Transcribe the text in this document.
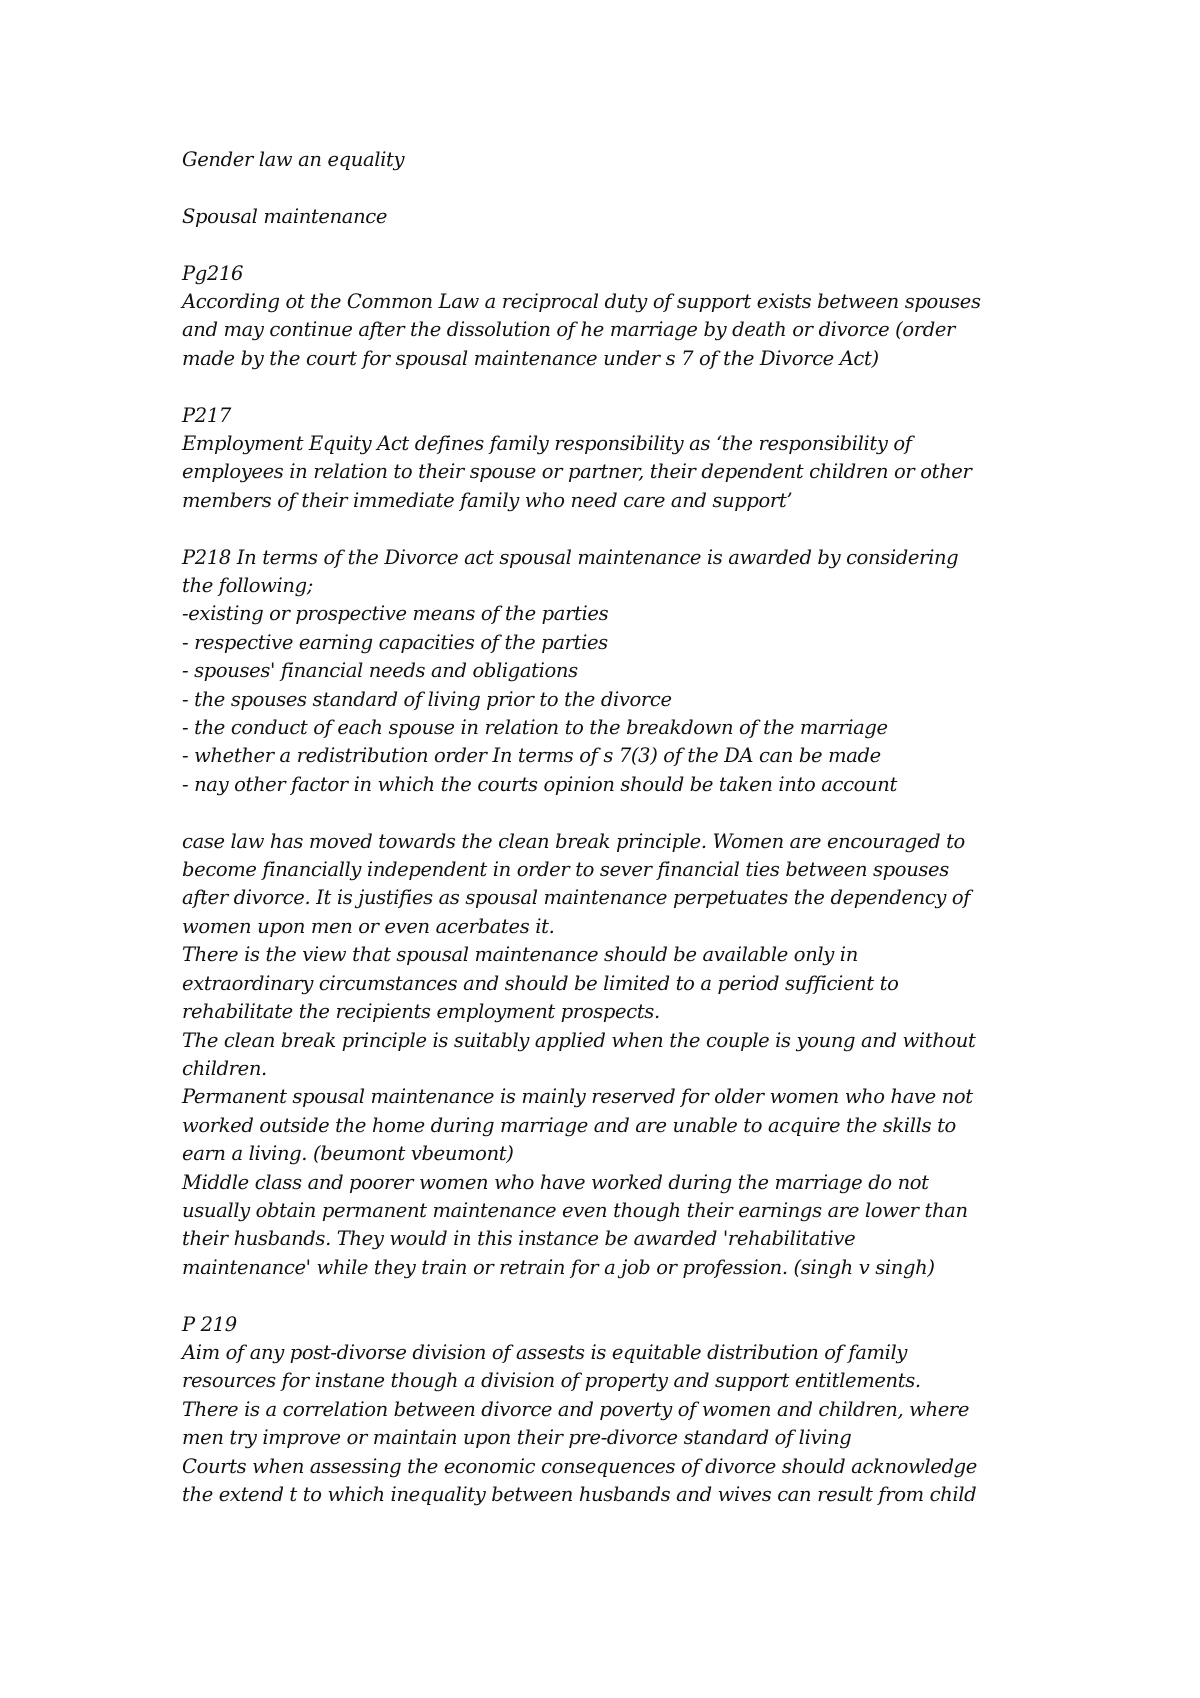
Gender law an equality
Spousal maintenance
Pg216
According ot the Common Law a reciprocal duty of support exists between spouses
and may continue after the dissolution of he marriage by death or divorce (order
made by the court for spousal maintenance under s 7 of the Divorce Act)
P217
Employment Equity Act defines family responsibility as ‘the responsibility of
employees in relation to their spouse or partner, their dependent children or other
members of their immediate family who need care and support’
P218 In terms of the Divorce act spousal maintenance is awarded by considering
the following;
-existing or prospective means of the parties
- respective earning capacities of the parties
- spouses' financial needs and obligations
- the spouses standard of living prior to the divorce
- the conduct of each spouse in relation to the breakdown of the marriage
- whether a redistribution order In terms of s 7(3) of the DA can be made
- nay other factor in which the courts opinion should be taken into account
case law has moved towards the clean break principle. Women are encouraged to
become financially independent in order to sever financial ties between spouses
after divorce. It is justifies as spousal maintenance perpetuates the dependency of
women upon men or even acerbates it.
There is the view that spousal maintenance should be available only in
extraordinary circumstances and should be limited to a period sufficient to
rehabilitate the recipients employment prospects.
The clean break principle is suitably applied when the couple is young and without
children.
Permanent spousal maintenance is mainly reserved for older women who have not
worked outside the home during marriage and are unable to acquire the skills to
earn a living. (beumont vbeumont)
Middle class and poorer women who have worked during the marriage do not
usually obtain permanent maintenance even though their earnings are lower than
their husbands. They would in this instance be awarded 'rehabilitative
maintenance' while they train or retrain for a job or profession. (singh v singh)
P 219
Aim of any post-divorse division of assests is equitable distribution of family
resources for instane though a division of property and support entitlements.
There is a correlation between divorce and poverty of women and children, where
men try improve or maintain upon their pre-divorce standard of living
Courts when assessing the economic consequences of divorce should acknowledge
the extend t to which inequality between husbands and wives can result from child
